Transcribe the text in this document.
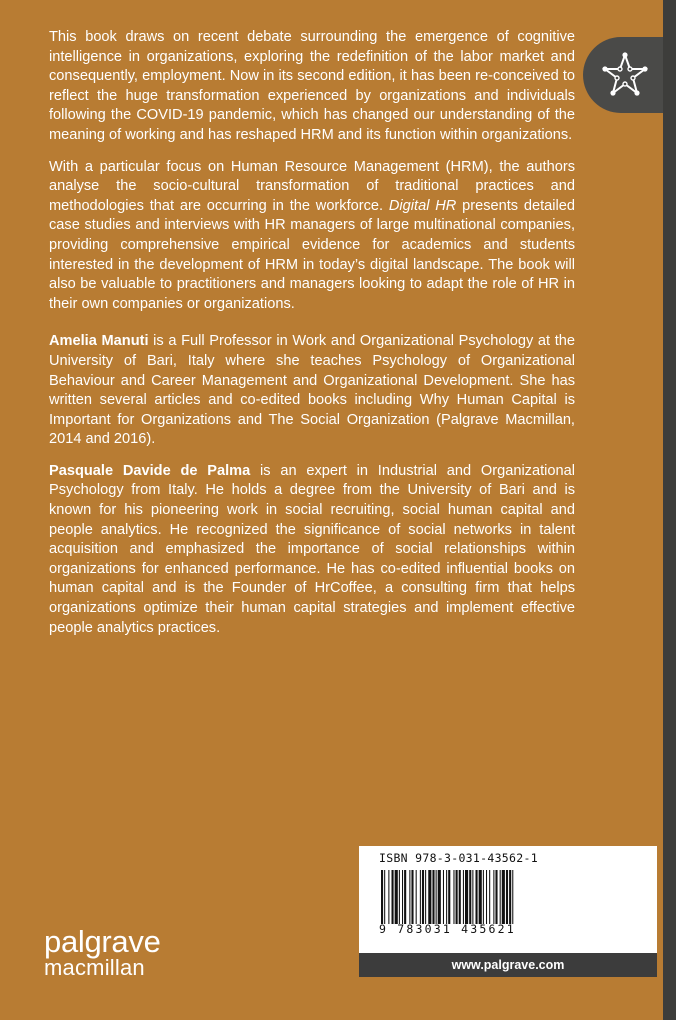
This book draws on recent debate surrounding the emergence of cognitive intelligence in organizations, exploring the redefinition of the labor market and consequently, employment. Now in its second edition, it has been re-conceived to reflect the huge transformation experienced by organizations and individuals following the COVID-19 pandemic, which has changed our understanding of the meaning of working and has reshaped HRM and its function within organizations.

With a particular focus on Human Resource Management (HRM), the authors analyse the socio-cultural transformation of traditional practices and methodologies that are occurring in the workforce. Digital HR presents detailed case studies and interviews with HR managers of large multinational companies, providing comprehensive empirical evidence for academics and students interested in the development of HRM in today’s digital landscape. The book will also be valuable to practitioners and managers looking to adapt the role of HR in their own companies or organizations.

Amelia Manuti is a Full Professor in Work and Organizational Psychology at the University of Bari, Italy where she teaches Psychology of Organizational Behaviour and Career Management and Organizational Development. She has written several articles and co-edited books including Why Human Capital is Important for Organizations and The Social Organization (Palgrave Macmillan, 2014 and 2016).

Pasquale Davide de Palma is an expert in Industrial and Organizational Psychology from Italy. He holds a degree from the University of Bari and is known for his pioneering work in social recruiting, social human capital and people analytics. He recognized the significance of social networks in talent acquisition and emphasized the importance of social relationships within organizations for enhanced performance. He has co-edited influential books on human capital and is the Founder of HrCoffee, a consulting firm that helps organizations optimize their human capital strategies and implement effective people analytics practices.

palgrave
macmillan
ISBN 978-3-031-43562-1
9 783031 435621
www.palgrave.com
